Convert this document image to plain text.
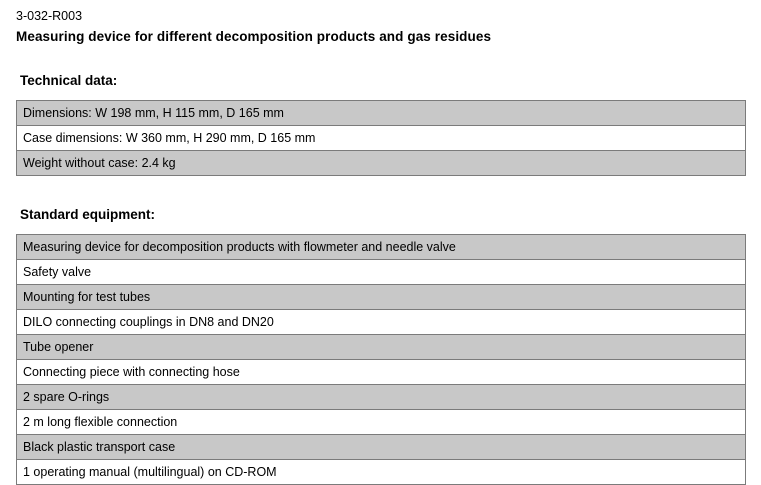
3-032-R003
Measuring device for different decomposition products and gas residues
Technical data:
Dimensions: W 198 mm, H 115 mm, D 165 mm
Case dimensions: W 360 mm, H 290 mm, D 165 mm
Weight without case: 2.4 kg
Standard equipment:
Measuring device for decomposition products with flowmeter and needle valve
Safety valve
Mounting for test tubes
DILO connecting couplings in DN8 and DN20
Tube opener
Connecting piece with connecting hose
2 spare O-rings
2 m long flexible connection
Black plastic transport case
1 operating manual (multilingual) on CD-ROM
